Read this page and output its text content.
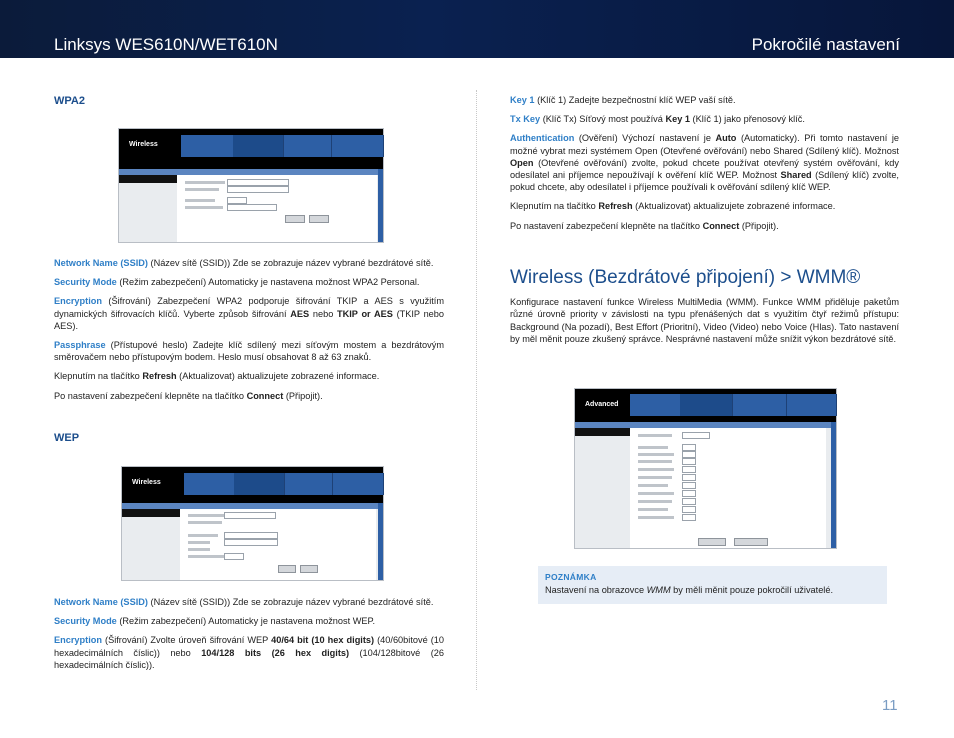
Linksys WES610N/WET610N	Pokročilé nastavení
WPA2
Wireless

Network Name (SSID) (Název sítě (SSID)) Zde se zobrazuje název vybrané bezdrátové sítě.

Security Mode (Režim zabezpečení) Automaticky je nastavena možnost WPA2 Personal.

Encryption (Šifrování) Zabezpečení WPA2 podporuje šifrování TKIP a AES s využitím dynamických šifrovacích klíčů. Vyberte způsob šifrování AES nebo TKIP or AES (TKIP nebo AES).

Passphrase (Přístupové heslo) Zadejte klíč sdílený mezi síťovým mostem a bezdrátovým směrovačem nebo přístupovým bodem. Heslo musí obsahovat 8 až 63 znaků.

Klepnutím na tlačítko Refresh (Aktualizovat) aktualizujete zobrazené informace.

Po nastavení zabezpečení klepněte na tlačítko Connect (Připojit).

WEP
Wireless

Network Name (SSID) (Název sítě (SSID)) Zde se zobrazuje název vybrané bezdrátové sítě.

Security Mode (Režim zabezpečení) Automaticky je nastavena možnost WEP.

Encryption (Šifrování) Zvolte úroveň šifrování WEP 40/64 bit (10 hex digits) (40/60bitové (10 hexadecimálních číslic)) nebo 104/128 bits (26 hex digits) (104/128bitové (26 hexadecimálních číslic)).

Key 1 (Klíč 1) Zadejte bezpečnostní klíč WEP vaší sítě.

Tx Key (Klíč Tx) Síťový most používá Key 1 (Klíč 1) jako přenosový klíč.

Authentication (Ověření) Výchozí nastavení je Auto (Automaticky). Při tomto nastavení je možné vybrat mezi systémem Open (Otevřené ověřování) nebo Shared (Sdílený klíč). Možnost Open (Otevřené ověřování) zvolte, pokud chcete používat otevřený systém ověřování, kdy odesílatel ani příjemce nepoužívají k ověření klíč WEP. Možnost Shared (Sdílený klíč) zvolte, pokud chcete, aby odesílatel i příjemce používali k ověřování sdílený klíč WEP.

Klepnutím na tlačítko Refresh (Aktualizovat) aktualizujete zobrazené informace.

Po nastavení zabezpečení klepněte na tlačítko Connect (Připojit).

Wireless (Bezdrátové připojení) > WMM®

Konfigurace nastavení funkce Wireless MultiMedia (WMM). Funkce WMM přiděluje paketům různé úrovně priority v závislosti na typu přenášených dat s využitím čtyř režimů přístupu: Background (Na pozadí), Best Effort (Prioritní), Video (Video) nebo Voice (Hlas). Tato nastavení by měl měnit pouze zkušený správce. Nesprávné nastavení může snížit výkon bezdrátové sítě.

Advanced
POZNÁMKA
Nastavení na obrazovce WMM by měli měnit pouze pokročilí uživatelé.
11
